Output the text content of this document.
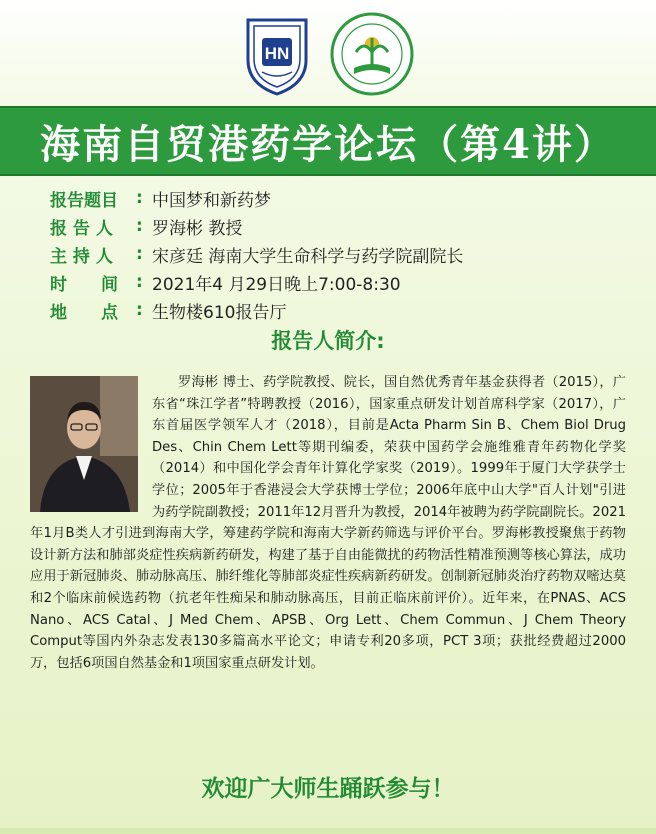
HN
海南自贸港药学论坛（第4讲）
报告题目	: 中国梦和新药梦
报 告 人	: 罗海彬 教授
主 持 人	: 宋彦廷 海南大学生命科学与药学院副院长
时　　间	: 2021年4 月29日晚上7:00-8:30
地　　点	: 生物楼610报告厅
报告人简介:

罗海彬 博士、药学院教授、院长，国自然优秀青年基金获得者（2015），广东省“珠江学者”特聘教授（2016），国家重点研发计划首席科学家（2017），广东首届医学领军人才（2018），目前是Acta Pharm Sin B、Chem Biol Drug Des、Chin Chem Lett等期刊编委，荣获中国药学会施维雅青年药物化学奖（2014）和中国化学会青年计算化学家奖（2019）。1999年于厦门大学获学士学位；2005年于香港浸会大学获博士学位；2006年底中山大学"百人计划"引进为药学院副教授；2011年12月晋升为教授，2014年被聘为药学院副院长。2021年1月B类人才引进到海南大学，筹建药学院和海南大学新药筛选与评价平台。罗海彬教授聚焦于药物设计新方法和肺部炎症性疾病新药研发，构建了基于自由能微扰的药物活性精准预测等核心算法，成功应用于新冠肺炎、肺动脉高压、肺纤维化等肺部炎症性疾病新药研发。创制新冠肺炎治疗药物双嘧达莫和2个临床前候选药物（抗老年性痴呆和肺动脉高压，目前正临床前评价）。近年来，在PNAS、ACS Nano、ACS Catal、J Med Chem、APSB、Org Lett、Chem Commun、J Chem Theory Comput等国内外杂志发表130多篇高水平论文；申请专利20多项，PCT 3项；获批经费超过2000万，包括6项国自然基金和1项国家重点研发计划。

欢迎广大师生踊跃参与！
